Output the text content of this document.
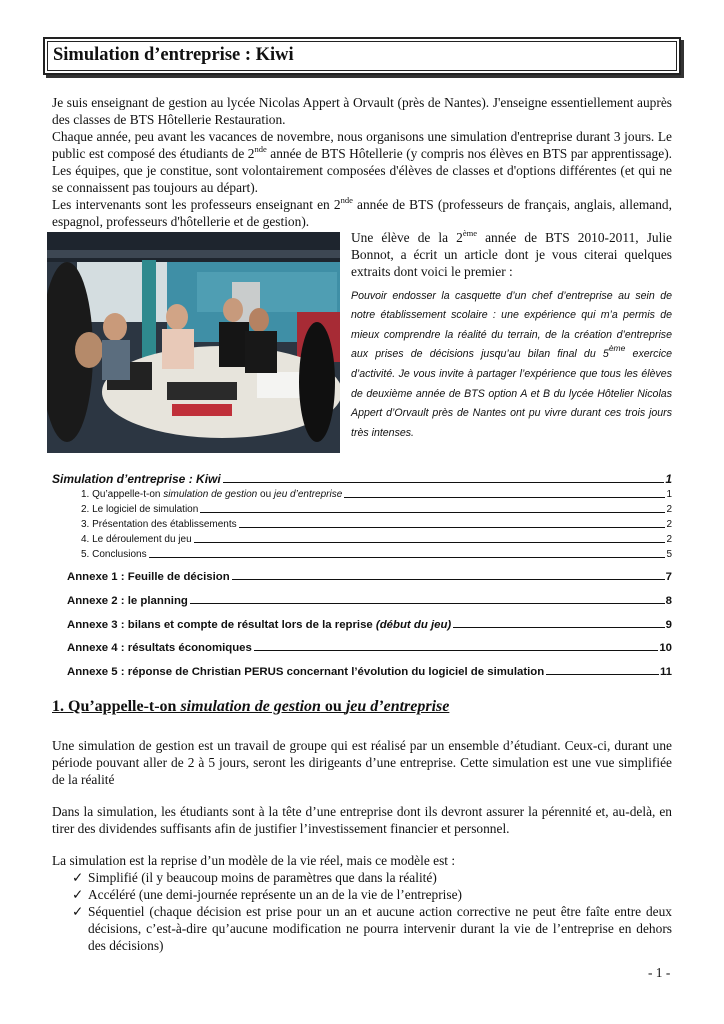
Simulation d’entreprise : Kiwi

Je suis enseignant de gestion au lycée Nicolas Appert à Orvault (près de Nantes). J'enseigne essentiellement auprès des classes de BTS Hôtellerie Restauration.

Chaque année, peu avant les vacances de novembre, nous organisons une simulation d'entreprise durant 3 jours. Le public est composé des étudiants de 2nde année de BTS Hôtellerie (y compris nos élèves en BTS par apprentissage). Les équipes, que je constitue, sont volontairement composées d'élèves de classes et d'options différentes (et qui ne se connaissent pas toujours au départ).

Les intervenants sont les professeurs enseignant en 2nde année de BTS (professeurs de français, anglais, allemand, espagnol, professeurs d'hôtellerie et de gestion).

Une élève de la 2ème année de BTS 2010-2011, Julie Bonnot, a écrit un article dont je vous citerai quelques extraits dont voici le premier :

Pouvoir endosser la casquette d’un chef d’entreprise au sein de notre établissement scolaire : une expérience qui m’a permis de mieux comprendre la réalité du terrain, de la création d’entreprise aux prises de décisions jusqu’au bilan final du 5ème exercice d’activité. Je vous invite à partager l’expérience que tous les élèves de deuxième année de BTS option A et B du lycée Hôtelier Nicolas Appert d’Orvault près de Nantes ont pu vivre durant ces trois jours très intenses.

Simulation d’entreprise : Kiwi	1
1. Qu’appelle-t-on simulation de gestion ou jeu d’entreprise	1
2. Le logiciel de simulation	2
3. Présentation des établissements	2
4. Le déroulement du jeu	2
5. Conclusions	5
Annexe 1 : Feuille de décision	7
Annexe 2 : le planning	8
Annexe 3 : bilans et compte de résultat lors de la reprise (début du jeu)	9
Annexe 4 : résultats économiques	10
Annexe 5 : réponse de Christian PERUS concernant l’évolution du logiciel de simulation	11
1. Qu’appelle-t-on simulation de gestion ou jeu d’entreprise

Une simulation de gestion est un travail de groupe qui est réalisé par un ensemble d’étudiant. Ceux-ci, durant une période pouvant aller de 2 à 5 jours, seront les dirigeants d’une entreprise. Cette simulation est une vue simplifiée de la réalité

Dans la simulation, les étudiants sont à la tête d’une entreprise dont ils devront assurer la pérennité et, au-delà, en tirer des dividendes suffisants afin de justifier l’investissement financier et personnel.

La simulation est la reprise d’un modèle de la vie réel, mais ce modèle est :

✓ Simplifié (il y beaucoup moins de paramètres que dans la réalité)
✓ Accéléré (une demi-journée représente un an de la vie de l’entreprise)
✓ Séquentiel (chaque décision est prise pour un an et aucune action corrective ne peut être faîte entre deux décisions, c’est-à-dire qu’aucune modification ne pourra intervenir durant la vie de l’entreprise en dehors des décisions)
- 1 -
